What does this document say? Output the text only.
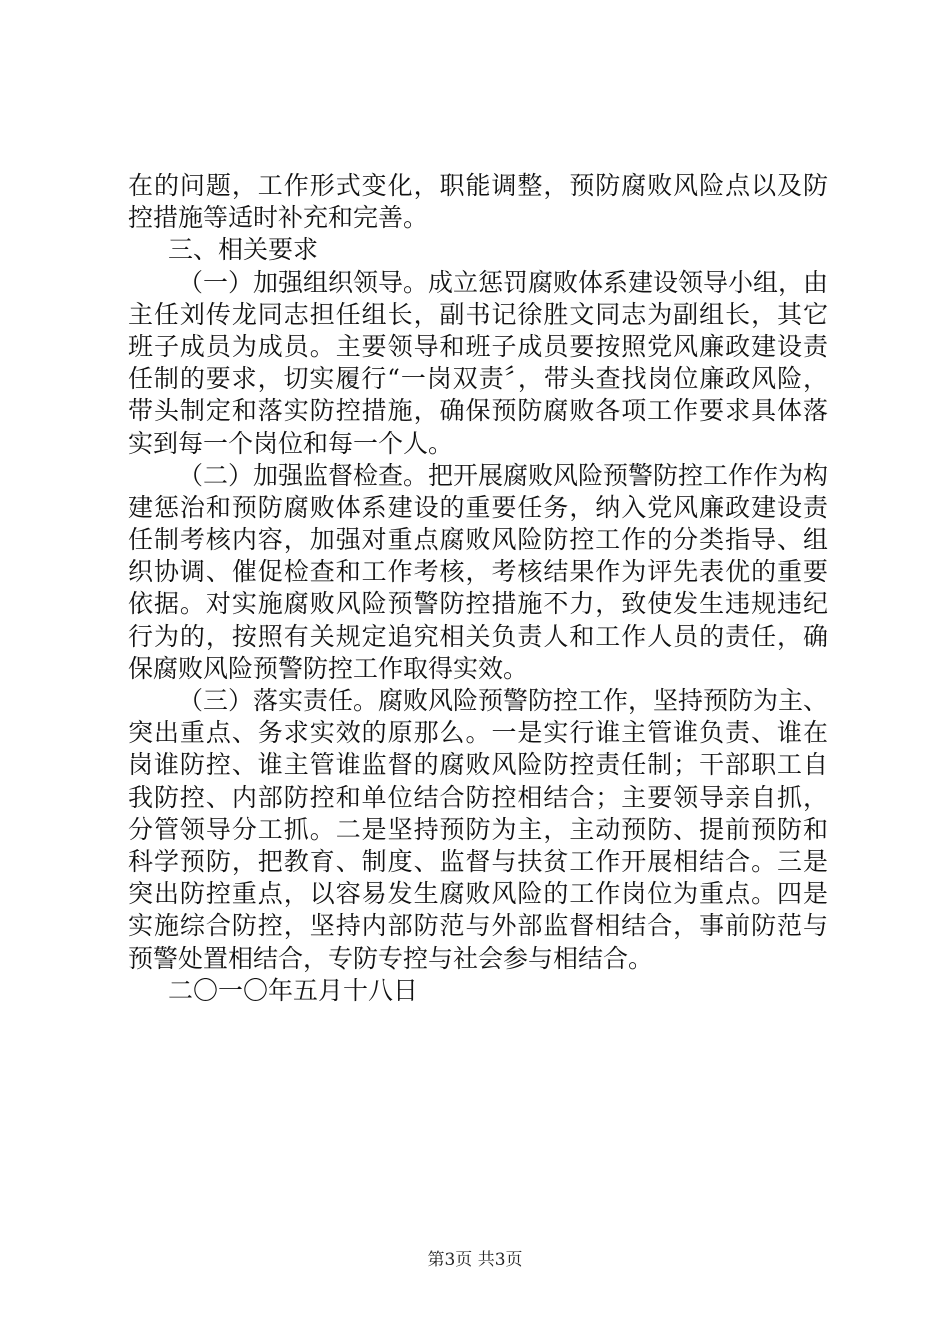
在的问题，工作形式变化，职能调整，预防腐败风险点以及防
控措施等适时补充和完善。
三、相关要求
（一）加强组织领导。成立惩罚腐败体系建设领导小组，由
主任刘传龙同志担任组长，副书记徐胜文同志为副组长，其它
班子成员为成员。主要领导和班子成员要按照党风廉政建设责
任制的要求，切实履行“一岗双责〞，带头查找岗位廉政风险，
带头制定和落实防控措施，确保预防腐败各项工作要求具体落
实到每一个岗位和每一个人。
（二）加强监督检查。把开展腐败风险预警防控工作作为构
建惩治和预防腐败体系建设的重要任务，纳入党风廉政建设责
任制考核内容，加强对重点腐败风险防控工作的分类指导、组
织协调、催促检查和工作考核，考核结果作为评先表优的重要
依据。对实施腐败风险预警防控措施不力，致使发生违规违纪
行为的，按照有关规定追究相关负责人和工作人员的责任，确
保腐败风险预警防控工作取得实效。
（三）落实责任。腐败风险预警防控工作，坚持预防为主、
突出重点、务求实效的原那么。一是实行谁主管谁负责、谁在
岗谁防控、谁主管谁监督的腐败风险防控责任制；干部职工自
我防控、内部防控和单位结合防控相结合；主要领导亲自抓，
分管领导分工抓。二是坚持预防为主，主动预防、提前预防和
科学预防，把教育、制度、监督与扶贫工作开展相结合。三是
突出防控重点，以容易发生腐败风险的工作岗位为重点。四是
实施综合防控，坚持内部防范与外部监督相结合，事前防范与
预警处置相结合，专防专控与社会参与相结合。
二〇一〇年五月十八日
第3页 共3页
